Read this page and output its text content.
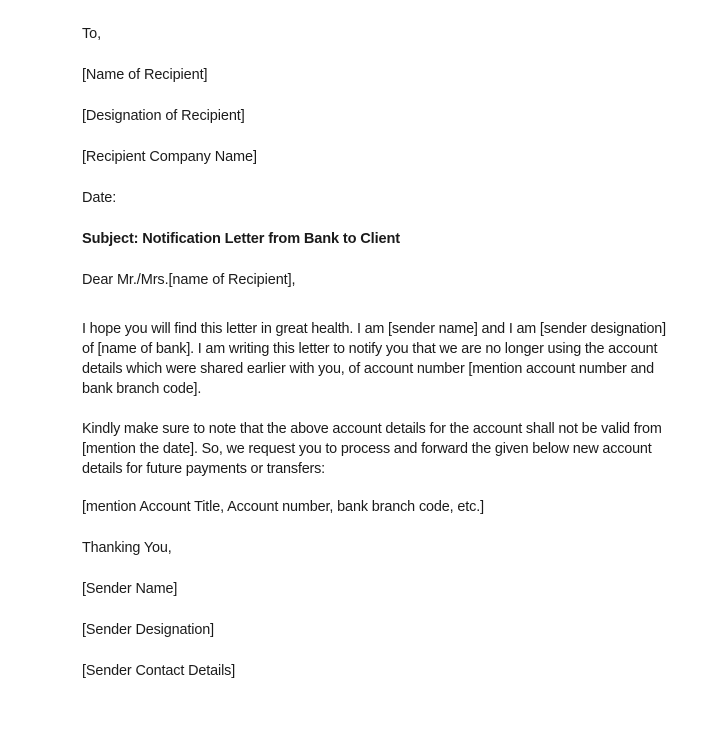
To,

[Name of Recipient]

[Designation of Recipient]

[Recipient Company Name]

Date:

Subject: Notification Letter from Bank to Client

Dear Mr./Mrs.[name of Recipient],

I hope you will find this letter in great health. I am [sender name] and I am [sender designation] of [name of bank]. I am writing this letter to notify you that we are no longer using the account details which were shared earlier with you, of account number [mention account number and bank branch code].

Kindly make sure to note that the above account details for the account shall not be valid from [mention the date]. So, we request you to process and forward the given below new account details for future payments or transfers:

[mention Account Title, Account number, bank branch code, etc.]

Thanking You,

[Sender Name]

[Sender Designation]

[Sender Contact Details]
